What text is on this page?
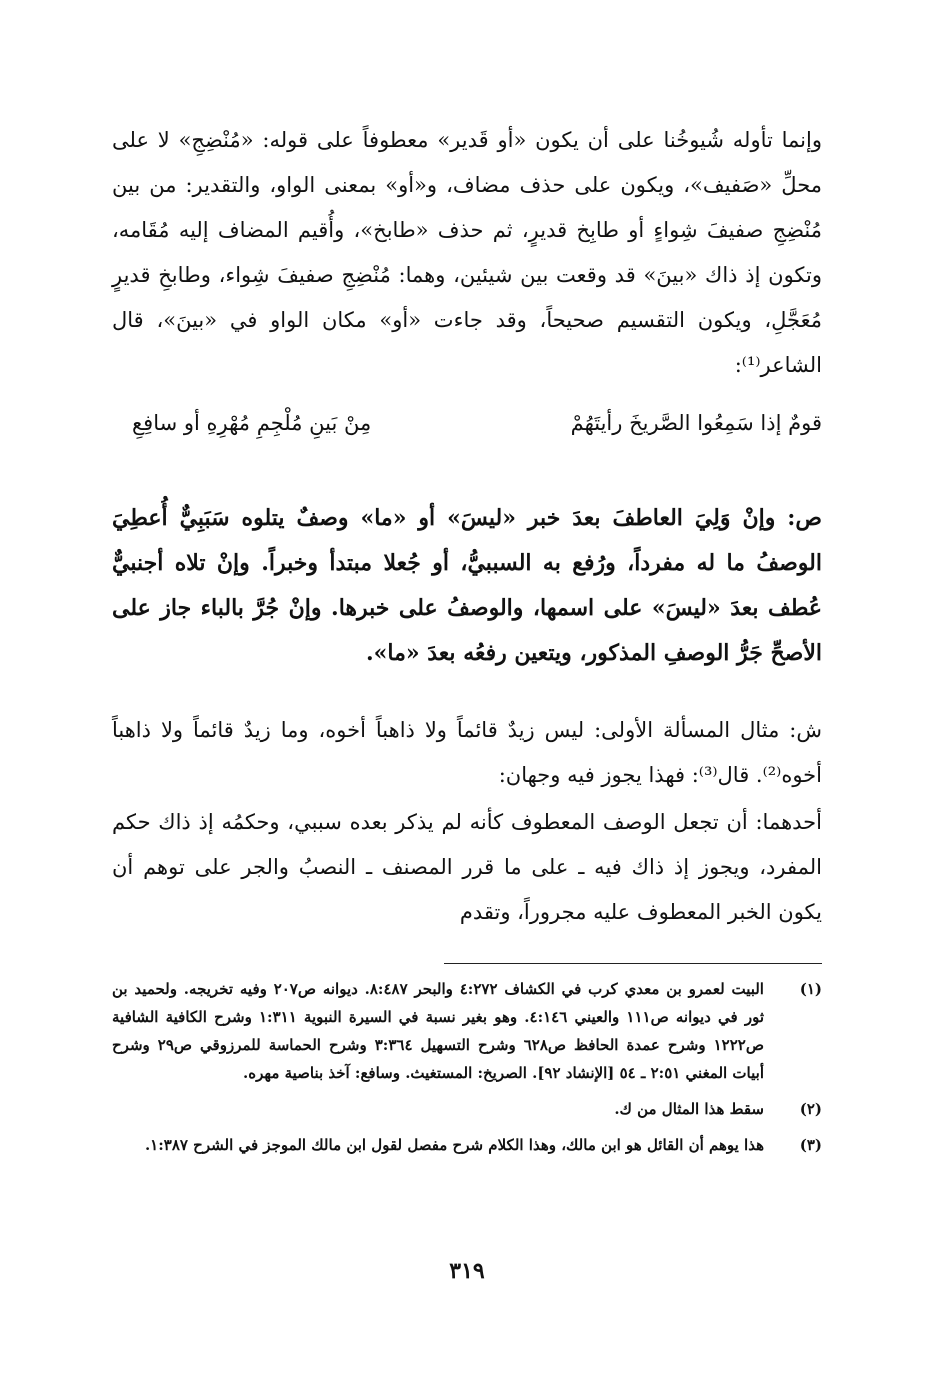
وإنما تأوله شُيوخُنا على أن يكون «أو قَدير» معطوفاً على قوله: «مُنْضِجِ» لا على محلِّ «صَفيف»، ويكون على حذف مضاف، و«أو» بمعنى الواو، والتقدير: من بين مُنْضِجِ صفيفَ شِواءٍ أو طابِخ قديرٍ، ثم حذف «طابخ»، وأُقيم المضاف إليه مُقَامه، وتكون إذ ذاك «بينَ» قد وقعت بين شيئين، وهما: مُنْضِجِ صفيفَ شِواء، وطابخِ قديرٍ مُعَجَّلِ، ويكون التقسيم صحيحاً، وقد جاءت «أو» مكان الواو في «بينَ»، قال الشاعر⁽¹⁾:

قومٌ إذا سَمِعُوا الصَّريخَ رأيتَهُمْ
مِنْ بَينِ مُلْجِمِ مُهْرِهِ أو سافِعِ

ص: وإنْ وَلِيَ العاطفَ بعدَ خبر «ليسَ» أو «ما» وصفٌ يتلوه سَبَبِيٌّ أُعطِيَ الوصفُ ما له مفرداً، ورُفع به السببيُّ، أو جُعلا مبتدأ وخبراً. وإنْ تلاه أجنبيٌّ عُطف بعدَ «ليسَ» على اسمها، والوصفُ على خبرها. وإنْ جُرَّ بالباء جاز على الأصحِّ جَرُّ الوصفِ المذكور، ويتعين رفعُه بعدَ «ما».

ش: مثال المسألة الأولى: ليس زيدٌ قائماً ولا ذاهباً أخوه، وما زيدٌ قائماً ولا ذاهباً أخوه⁽²⁾. قال⁽³⁾: فهذا يجوز فيه وجهان:

أحدهما: أن تجعل الوصف المعطوف كأنه لم يذكر بعده سببي، وحكمُه إذ ذاك حكم المفرد، ويجوز إذ ذاك فيه ـ على ما قرر المصنف ـ النصبُ والجر على توهم أن يكون الخبر المعطوف عليه مجروراً، وتقدم

(١)
البيت لعمرو بن معدي كرب في الكشاف ٤:٢٧٢ والبحر ٨:٤٨٧. ديوانه ص٢٠٧ وفيه تخريجه. ولحميد بن ثور في ديوانه ص١١١ والعيني ٤:١٤٦. وهو بغير نسبة في السيرة النبوية ١:٣١١ وشرح الكافية الشافية ص١٢٢٢ وشرح عمدة الحافظ ص٦٢٨ وشرح التسهيل ٣:٣٦٤ وشرح الحماسة للمرزوقي ص٢٩ وشرح أبيات المغني ٢:٥١ ـ ٥٤ [الإنشاد ٩٢]. الصريخ: المستغيث. وسافع: آخذ بناصية مهره.
(٢)
سقط هذا المثال من ك.
(٣)
هذا يوهم أن القائل هو ابن مالك، وهذا الكلام شرح مفصل لقول ابن مالك الموجز في الشرح ١:٣٨٧.
٣١٩
